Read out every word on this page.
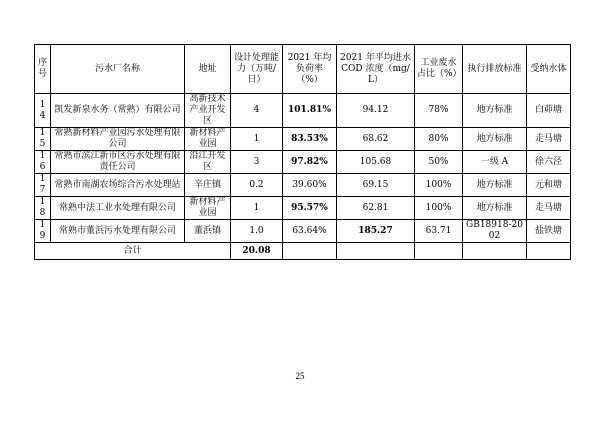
序号	污水厂名称	地址	设计处理能力（万吨/日）	2021 年均负荷率（%）	2021 年平均进水 COD 浓度（mg/L）	工业废水占比（%）	执行排放标准	受纳水体
14	凯发新泉水务（常熟）有限公司	高新技术产业开发区	4	101.81%	94.12	78%	地方标准	白茆塘
15	常熟新材料产业园污水处理有限公司	新材料产业园	1	83.53%	68.62	80%	地方标准	走马塘
16	常熟市滨江新市区污水处理有限责任公司	沿江开发区	3	97.82%	105.68	50%	一级 A	徐六泾
17	常熟市南湖农场综合污水处理站	辛庄镇	0.2	39.60%	69.15	100%	地方标准	元和塘
18	常熟中法工业水处理有限公司	新材料产业园	1	95.57%	62.81	100%	地方标准	走马塘
19	常熟市董浜污水处理有限公司	董浜镇	1.0	63.64%	185.27	63.71	GB18918-2002	盐铁塘
合计			20.08					
25
